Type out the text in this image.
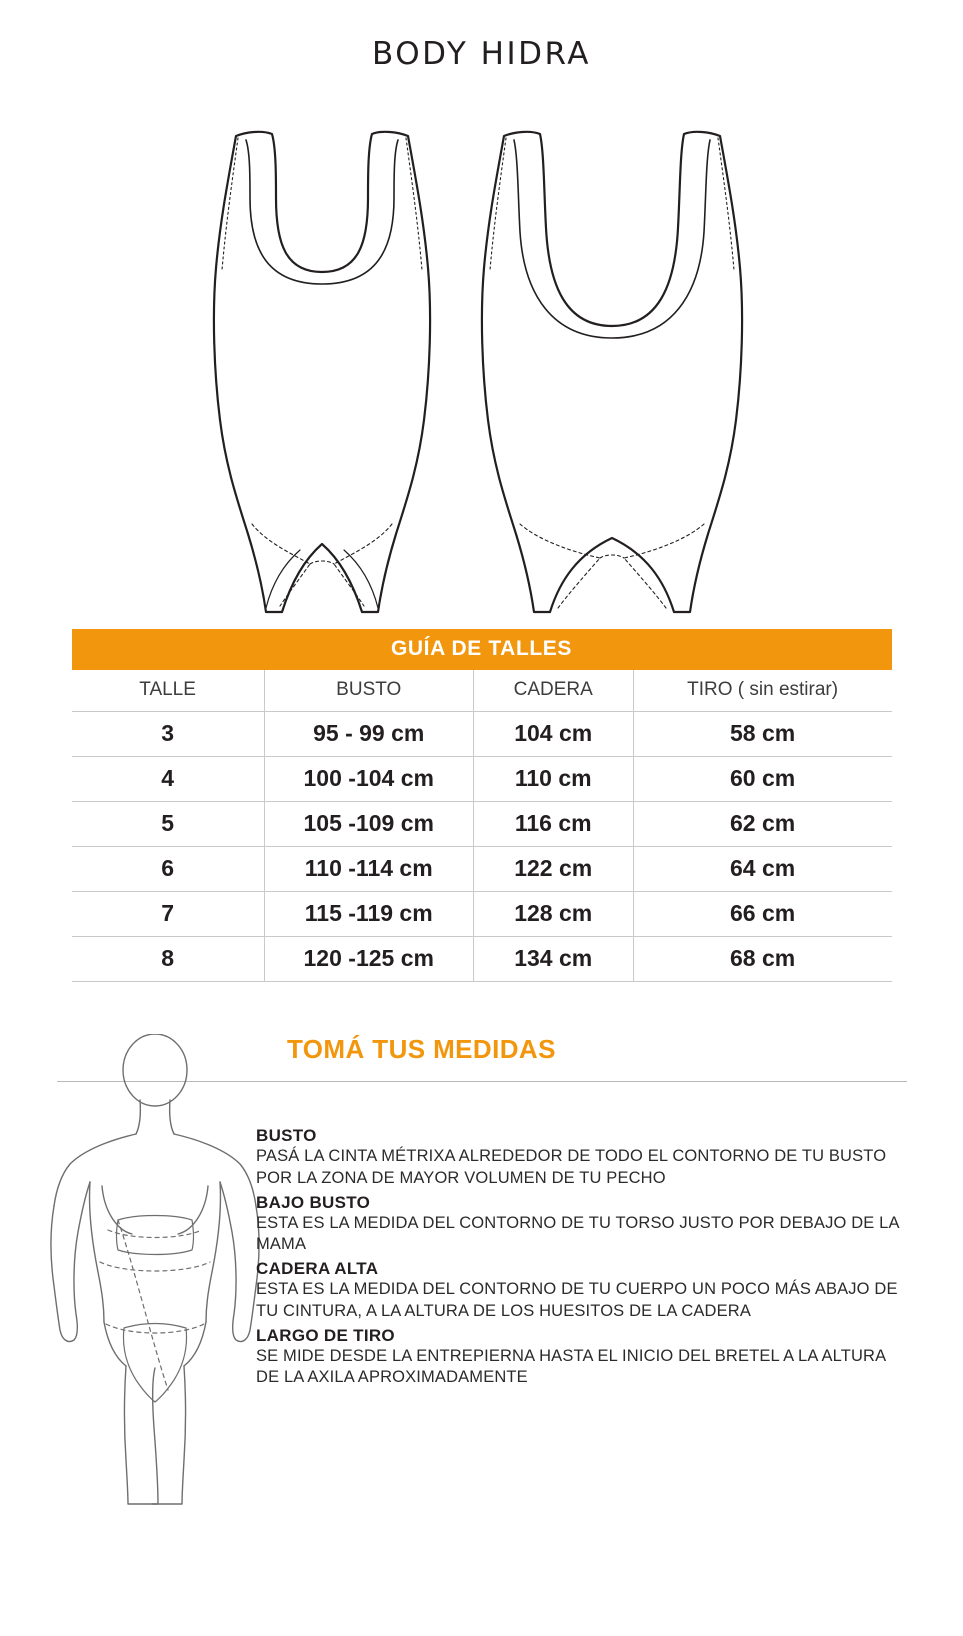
BODY HIDRA
GUÍA DE TALLES
TALLE	BUSTO	CADERA	TIRO ( sin estirar)
3	95 - 99 cm	104 cm	58 cm
4	100 -104 cm	110 cm	60 cm
5	105 -109 cm	116 cm	62 cm
6	110 -114 cm	122 cm	64 cm
7	115 -119 cm	128 cm	66 cm
8	120 -125 cm	134 cm	68 cm
TOMÁ TUS MEDIDAS
BUSTO

PASÁ LA CINTA MÉTRIXA ALREDEDOR DE TODO EL CONTORNO DE TU BUSTO POR LA ZONA DE MAYOR VOLUMEN DE TU PECHO

BAJO BUSTO

ESTA ES LA MEDIDA DEL CONTORNO DE TU TORSO JUSTO POR DEBAJO DE LA MAMA

CADERA ALTA

ESTA ES LA MEDIDA DEL CONTORNO DE TU CUERPO UN POCO MÁS ABAJO DE TU CINTURA, A LA ALTURA DE LOS HUESITOS DE LA CADERA

LARGO DE TIRO

SE MIDE DESDE LA ENTREPIERNA HASTA EL INICIO DEL BRETEL A LA ALTURA DE LA AXILA APROXIMADAMENTE
